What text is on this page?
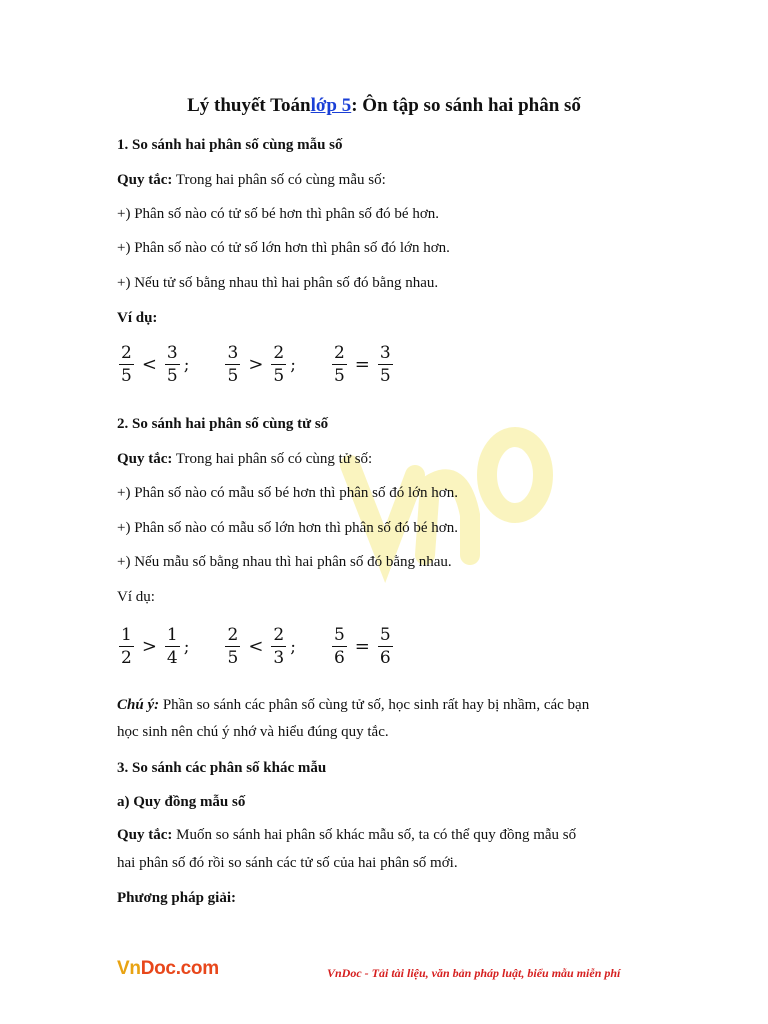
Lý thuyết Toánlớp 5: Ôn tập so sánh hai phân số
1. So sánh hai phân số cùng mẫu số
Quy tắc: Trong hai phân số có cùng mẫu số:
+) Phân số nào có tử số bé hơn thì phân số đó bé hơn.
+) Phân số nào có tử số lớn hơn thì phân số đó lớn hơn.
+) Nếu tử số bằng nhau thì hai phân số đó bằng nhau.
Ví dụ:
$\frac{2}{5} < \frac{3}{5}$ ; $\frac{3}{5} > \frac{2}{5}$ ; $\frac{2}{5} = \frac{3}{5}$
2. So sánh hai phân số cùng tử số
Quy tắc: Trong hai phân số có cùng tử số:
+) Phân số nào có mẫu số bé hơn thì phân số đó lớn hơn.
+) Phân số nào có mẫu số lớn hơn thì phân số đó bé hơn.
+) Nếu mẫu số bằng nhau thì hai phân số đó bằng nhau.
Ví dụ:
$\frac{1}{2} > \frac{1}{4}$ ; $\frac{2}{5} < \frac{2}{3}$ ; $\frac{5}{6} = \frac{5}{6}$
Chú ý: Phần so sánh các phân số cùng tử số, học sinh rất hay bị nhầm, các bạn
học sinh nên chú ý nhớ và hiểu đúng quy tắc.
3. So sánh các phân số khác mẫu
a) Quy đồng mẫu số
Quy tắc: Muốn so sánh hai phân số khác mẫu số, ta có thể quy đồng mẫu số
hai phân số đó rồi so sánh các tử số của hai phân số mới.
Phương pháp giải:
VnDoc.com	VnDoc - Tải tài liệu, văn bản pháp luật, biểu mẫu miễn phí
